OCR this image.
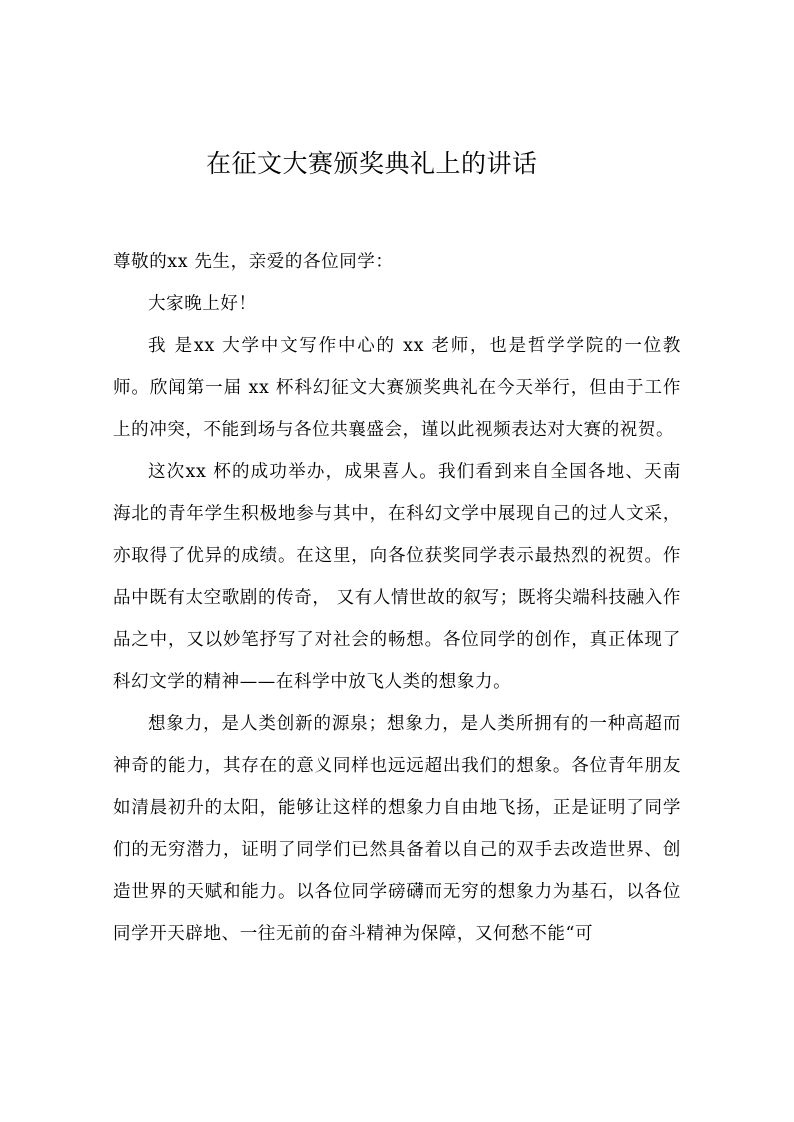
在征文大赛颁奖典礼上的讲话

尊敬的xx 先生，亲爱的各位同学：

大家晚上好！

我 是xx 大学中文写作中心的 xx 老师，也是哲学学院的一位教师。欣闻第一届 xx 杯科幻征文大赛颁奖典礼在今天举行，但由于工作上的冲突，不能到场与各位共襄盛会，谨以此视频表达对大赛的祝贺。

这次xx 杯的成功举办，成果喜人。我们看到来自全国各地、天南海北的青年学生积极地参与其中，在科幻文学中展现自己的过人文采，亦取得了优异的成绩。在这里，向各位获奖同学表示最热烈的祝贺。作品中既有太空歌剧的传奇， 又有人情世故的叙写；既将尖端科技融入作品之中，又以妙笔抒写了对社会的畅想。各位同学的创作，真正体现了科幻文学的精神——在科学中放飞人类的想象力。

想象力，是人类创新的源泉；想象力，是人类所拥有的一种高超而神奇的能力，其存在的意义同样也远远超出我们的想象。各位青年朋友如清晨初升的太阳，能够让这样的想象力自由地飞扬，正是证明了同学们的无穷潜力，证明了同学们已然具备着以自己的双手去改造世界、创造世界的天赋和能力。以各位同学磅礴而无穷的想象力为基石，以各位同学开天辟地、一往无前的奋斗精神为保障，又何愁不能“可
